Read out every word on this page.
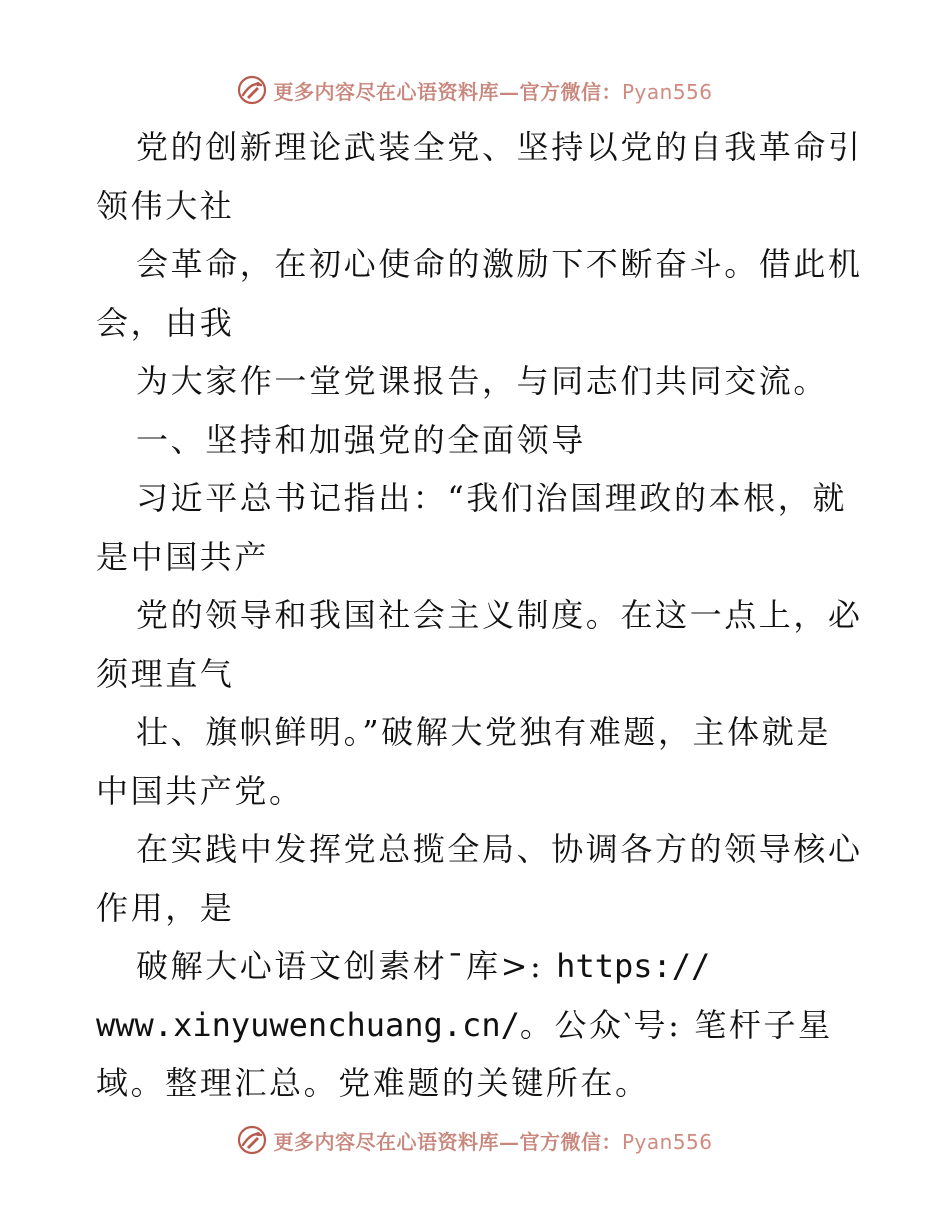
更多内容尽在心语资料库—官方微信：Pyan556
党的创新理论武装全党、坚持以党的自我革命引
领伟大社
会革命，在初心使命的激励下不断奋斗。借此机
会，由我
为大家作一堂党课报告，与同志们共同交流。
一、坚持和加强党的全面领导
习近平总书记指出：“我们治国理政的本根，就
是中国共产
党的领导和我国社会主义制度。在这一点上，必
须理直气
壮、旗帜鲜明。”破解大党独有难题，主体就是
中国共产党。
在实践中发挥党总揽全局、协调各方的领导核心
作用，是
破解大心语文创素材¯库>: https://
www.xinyuwenchuang.cn/。公众‵号: 笔杆子星
域。整理汇总。党难题的关键所在。
更多内容尽在心语资料库—官方微信：Pyan556
